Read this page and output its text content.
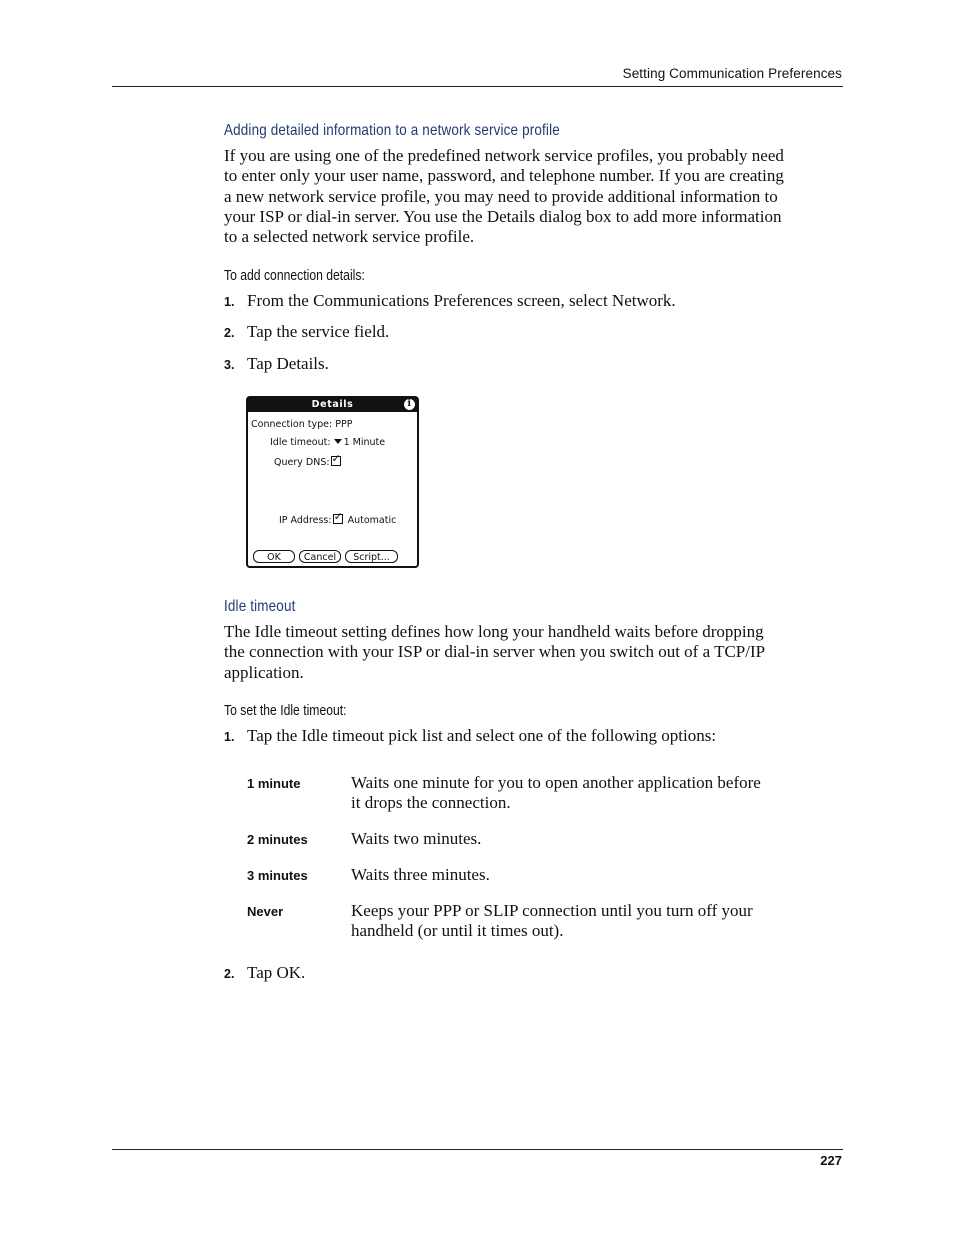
Setting Communication Preferences
Adding detailed information to a network service profile
If you are using one of the predefined network service profiles, you probably need
to enter only your user name, password, and telephone number. If you are creating
a new network service profile, you may need to provide additional information to
your ISP or dial-in server. You use the Details dialog box to add more information
to a selected network service profile.
To add connection details:
1. From the Communications Preferences screen, select Network.
2. Tap the service field.
3. Tap Details.
Details	i
Connection type: PPP
Idle timeout: 1 Minute
Query DNS:✓
IP Address:✓ Automatic
OK	Cancel	Script...
Idle timeout
The Idle timeout setting defines how long your handheld waits before dropping
the connection with your ISP or dial-in server when you switch out of a TCP/IP
application.
To set the Idle timeout:
1. Tap the Idle timeout pick list and select one of the following options:
1 minute	Waits one minute for you to open another application before
it drops the connection.
2 minutes	Waits two minutes.
3 minutes	Waits three minutes.
Never	Keeps your PPP or SLIP connection until you turn off your
handheld (or until it times out).
2. Tap OK.
227
